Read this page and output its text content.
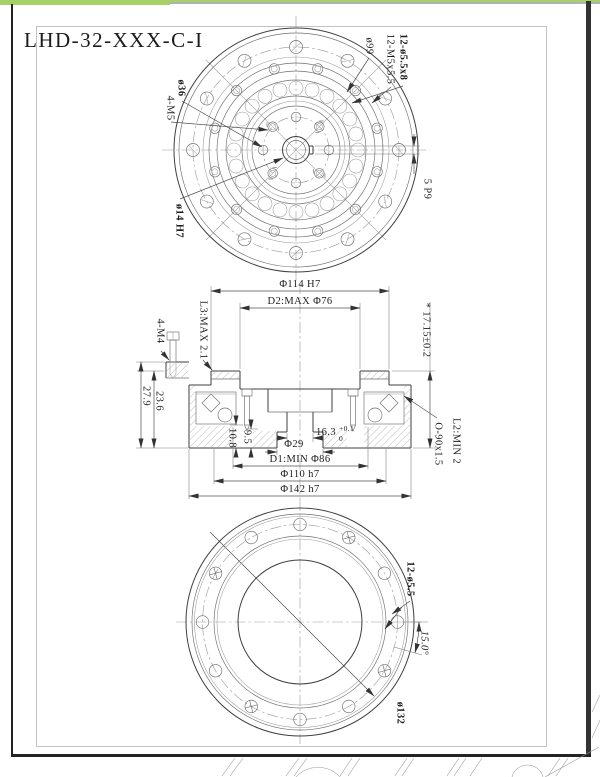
LHD-32-XXX-C-I	ø99 12-M5x5.5 12-ø5.5x8
ø36
4-M5
ø14 H7
5 P9
Φ114 H7
D2:MAX Φ76
* 17.15±0.2
L3:MAX 2.1
4-M4
27.9 23.6
10.8 9.5
Φ29
16.3 +0.1
0	O-90x1.5 L2:MIN 2
D1:MIN Φ86
Φ110 h7
Φ142 h7
12-ø5.5
15.0°
ø132
